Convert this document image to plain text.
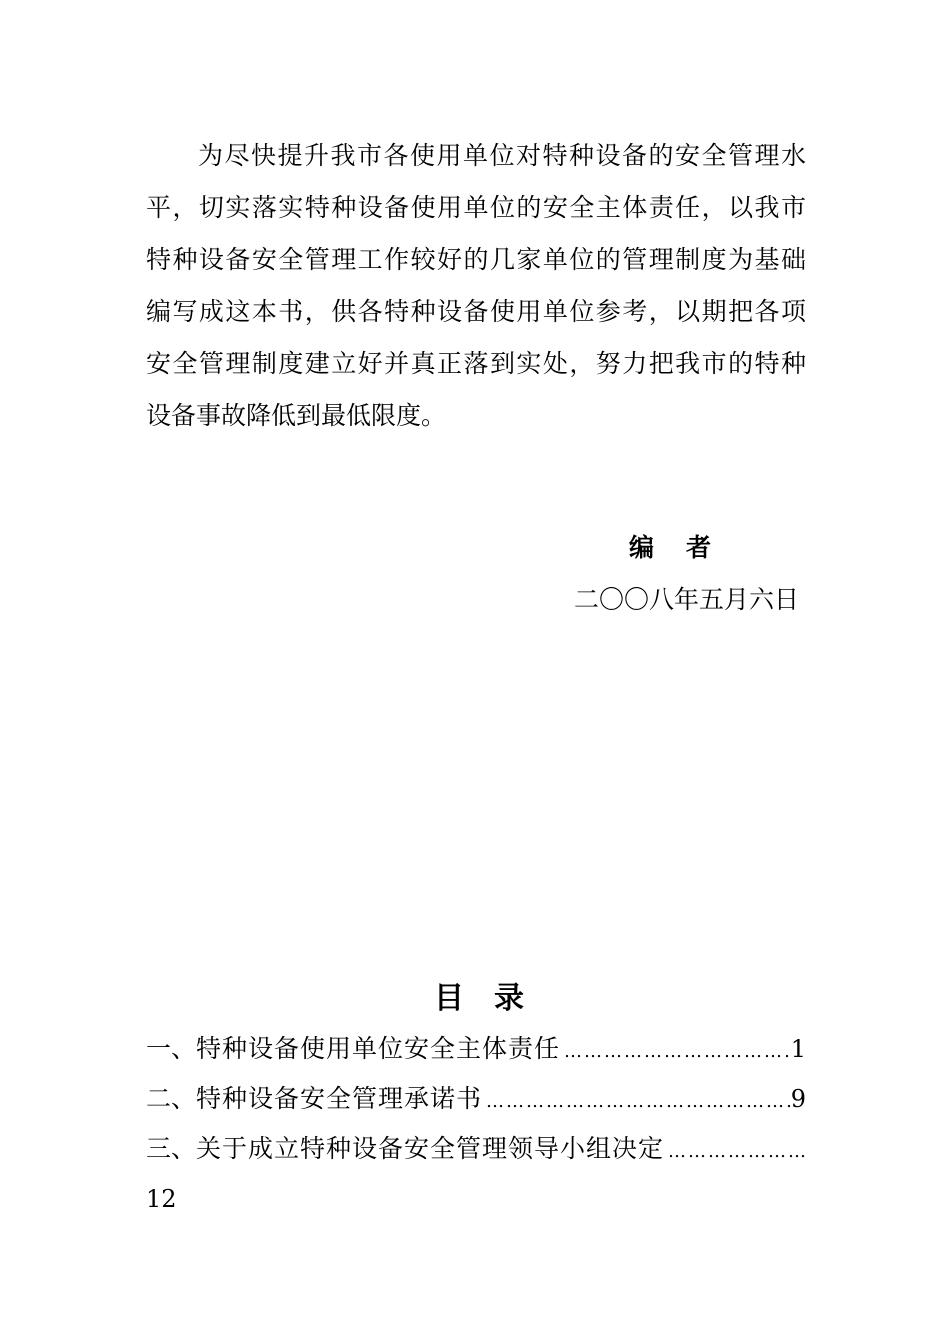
为尽快提升我市各使用单位对特种设备的安全管理水
平，切实落实特种设备使用单位的安全主体责任，以我市
特种设备安全管理工作较好的几家单位的管理制度为基础
编写成这本书，供各特种设备使用单位参考，以期把各项
安全管理制度建立好并真正落到实处，努力把我市的特种
设备事故降低到最低限度。
编者
二〇〇八年五月六日
目录
一、 特种设备使用单位安全主体责任 …………………………………………………………………………………………	1
二、 特种设备安全管理承诺书 …………………………………………………………………………………………	9
三、 关于成立特种设备安全管理领导小组决定
…………………………………………………………………………………………
12
